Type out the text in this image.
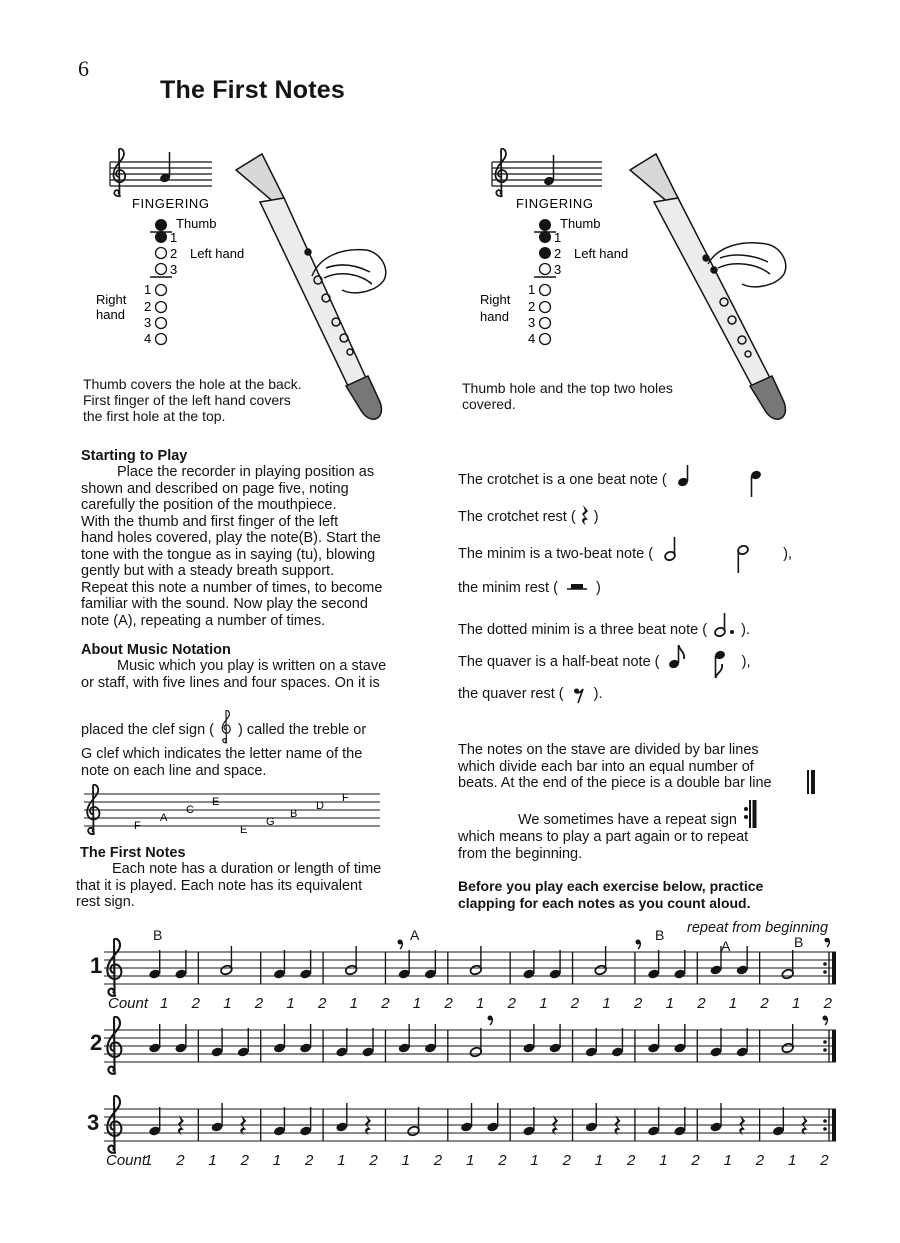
6
The First Notes
FINGERING
Thumb
1
2 Left hand
3
1
2
3
4
Right
hand
Thumb covers the hole at the back.
First finger of the left hand covers
the first hole at the top.
FINGERING
Thumb
1
2 Left hand
3
1
2
3
4
Right
hand
Thumb hole and the top two holes
covered.
Starting to Play
Place the recorder in playing position as
shown and described on page five, noting
carefully the position of the mouthpiece.
With the thumb and first finger of the left
hand holes covered, play the note(B). Start the
tone with the tongue as in saying (tu), blowing
gently but with a steady breath support.
Repeat this note a number of times, to become
familiar with the sound. Now play the second
note (A), repeating a number of times.
About Music Notation
Music which you play is written on a stave
or staff, with five lines and four spaces. On it is
placed the clef sign ( ) called the treble or
G clef which indicates the letter name of the
note on each line and space.
F
A
C
E
E
G
B
D
F
The First Notes
Each note has a duration or length of time
that it is played. Each note has its equivalent
rest sign.
The crotchet is a one beat note (
The crotchet rest ( )
The minim is a two-beat note (	),
the minim rest (	)
The dotted minim is a three beat note ( ).
The quaver is a half-beat note (	),
the quaver rest ( ).
The notes on the stave are divided by bar lines
which divide each bar into an equal number of
beats. At the end of the piece is a double bar line
We sometimes have a repeat sign
which means to play a part again or to repeat
from the beginning.
Before you play each exercise below, practice
clapping for each notes as you count aloud.
repeat from beginning
1
2
3
B	A	B
A	B
Count 1 2 1 2 1 2 1 2 1 2 1 2 1 2 1 2 1 2 1 2 1 2
Count
1 2 1 2 1 2 1 2 1 2 1 2 1 2 1 2 1 2 1 2 1 2
